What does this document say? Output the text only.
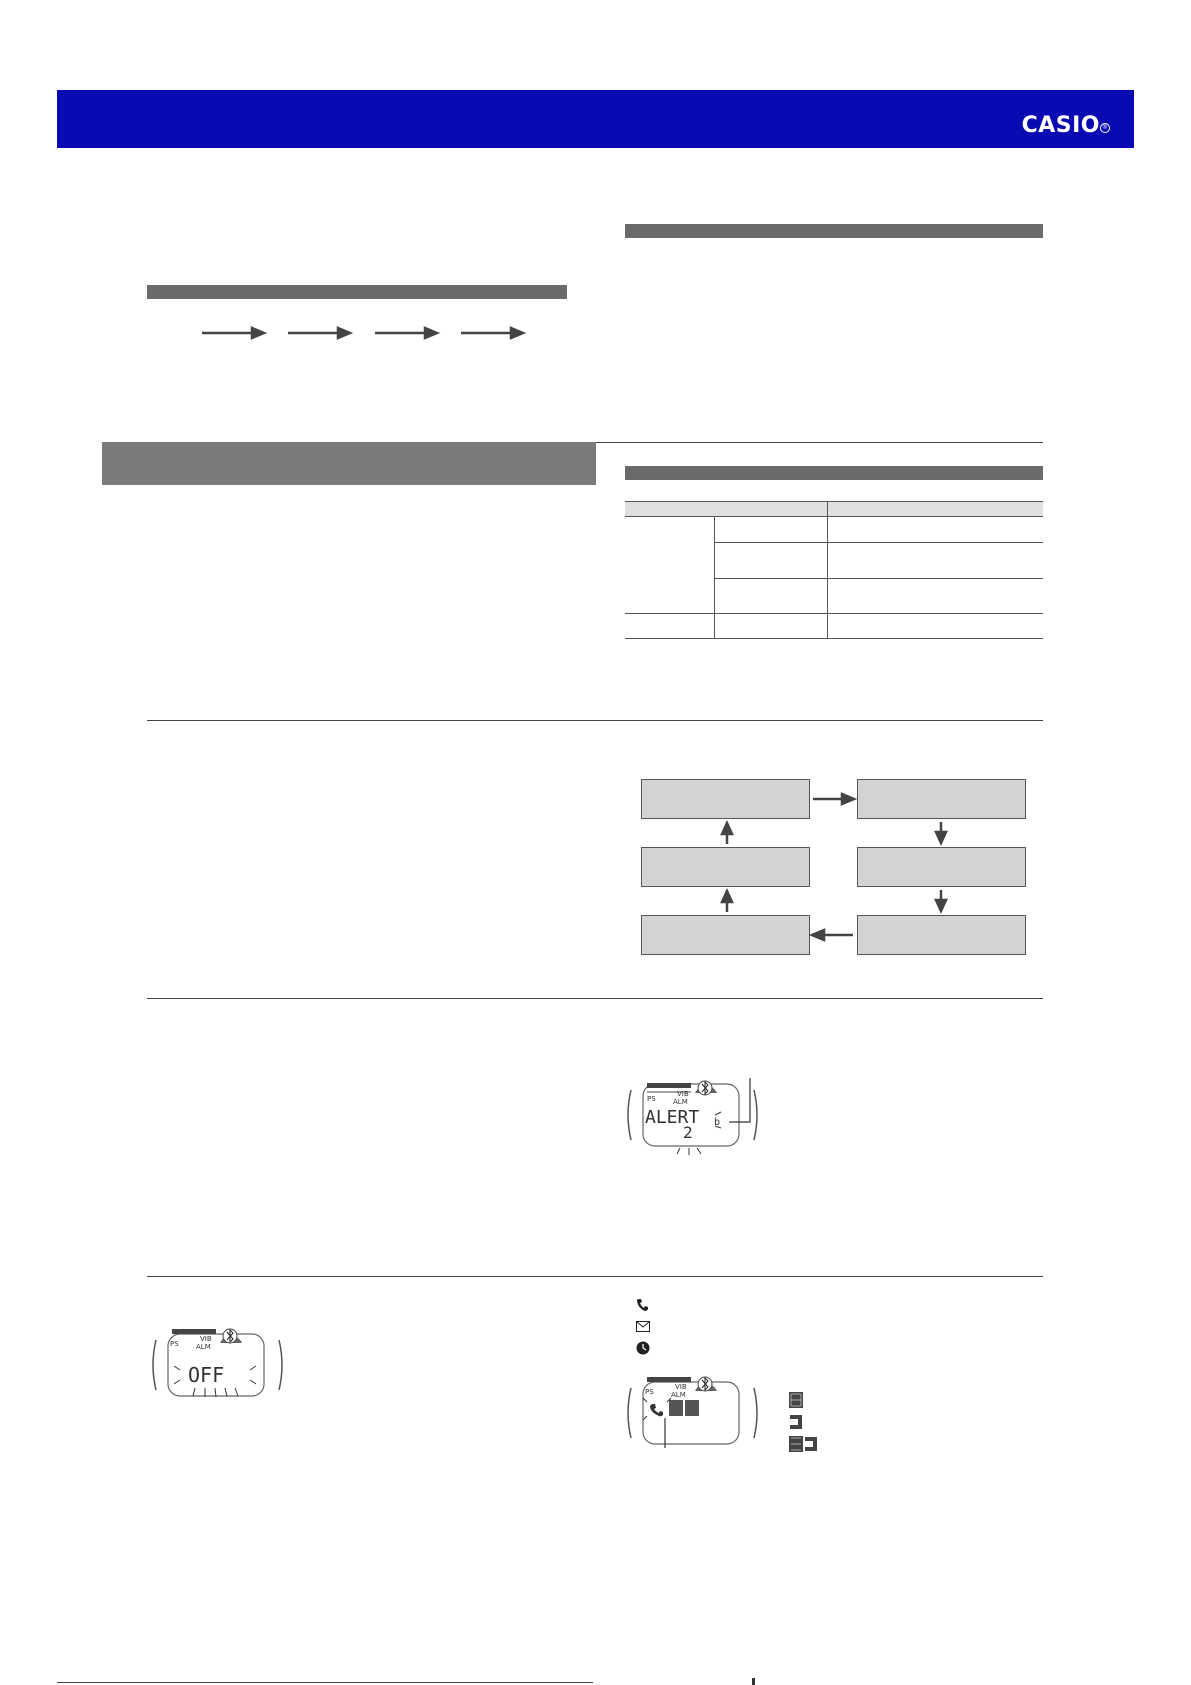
CASIO ®
PS
VIB
ALM
ALERT
2
b
PS
VIB
ALM
OFF
PS
VIB
ALM
